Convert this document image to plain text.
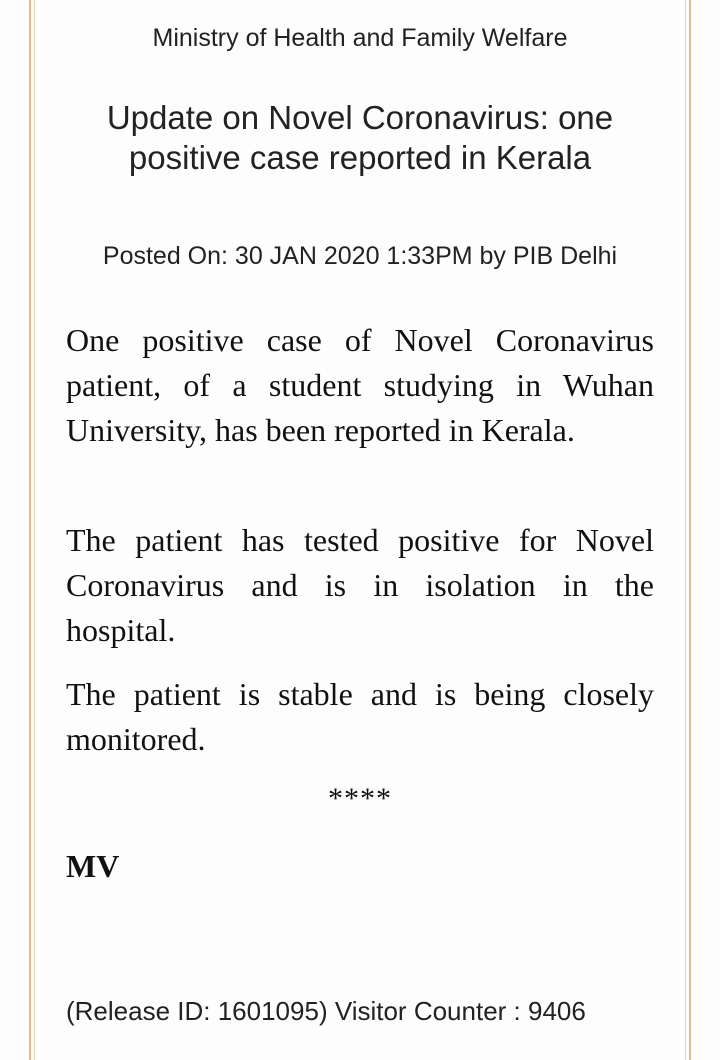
Ministry of Health and Family Welfare
Update on Novel Coronavirus: one positive case reported in Kerala
Posted On: 30 JAN 2020 1:33PM by PIB Delhi

One positive case of Novel Coronavirus patient, of a student studying in Wuhan University, has been reported in Kerala.

The patient has tested positive for Novel Coronavirus and is in isolation in the hospital.

The patient is stable and is being closely monitored.

****
MV
(Release ID: 1601095) Visitor Counter : 9406
